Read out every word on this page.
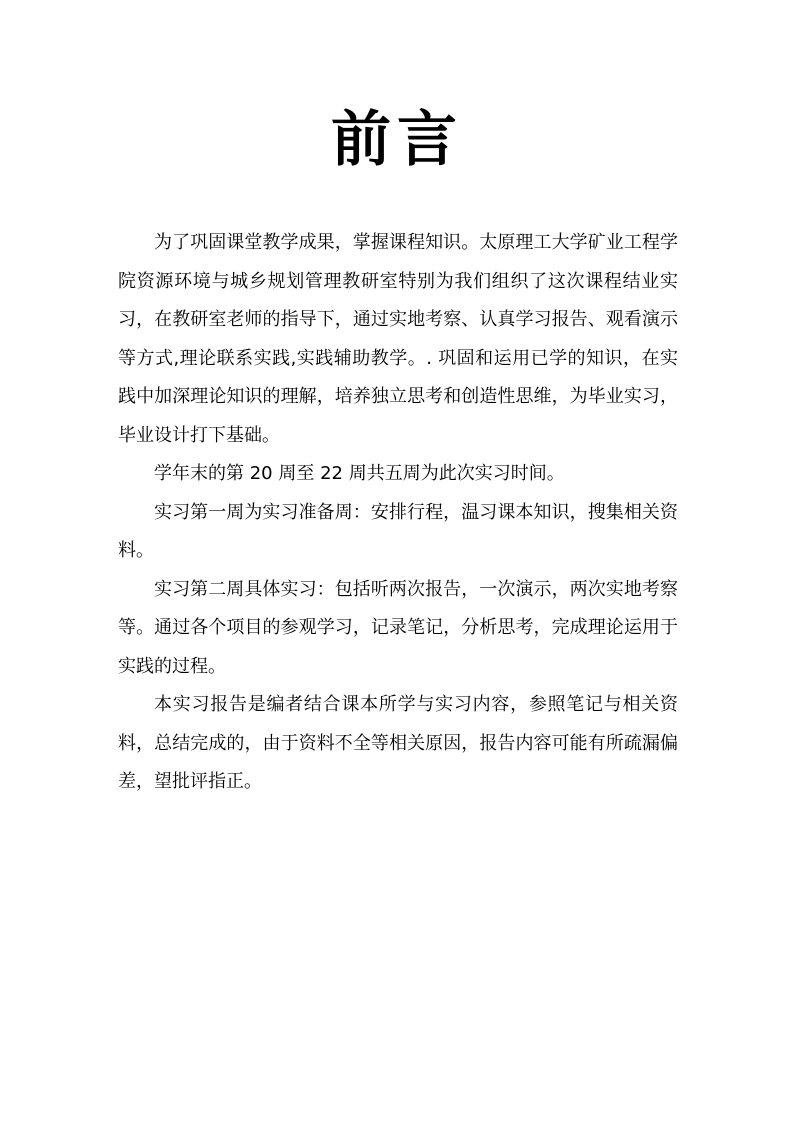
前言

为了巩固课堂教学成果，掌握课程知识。太原理工大学矿业工程学院资源环境与城乡规划管理教研室特别为我们组织了这次课程结业实习，在教研室老师的指导下，通过实地考察、认真学习报告、观看演示等方式,理论联系实践,实践辅助教学。. 巩固和运用已学的知识，在实践中加深理论知识的理解，培养独立思考和创造性思维，为毕业实习，毕业设计打下基础。

学年末的第 20 周至 22 周共五周为此次实习时间。

实习第一周为实习准备周：安排行程，温习课本知识，搜集相关资料。

实习第二周具体实习：包括听两次报告，一次演示，两次实地考察等。通过各个项目的参观学习，记录笔记，分析思考，完成理论运用于实践的过程。

本实习报告是编者结合课本所学与实习内容，参照笔记与相关资料，总结完成的，由于资料不全等相关原因，报告内容可能有所疏漏偏差，望批评指正。
